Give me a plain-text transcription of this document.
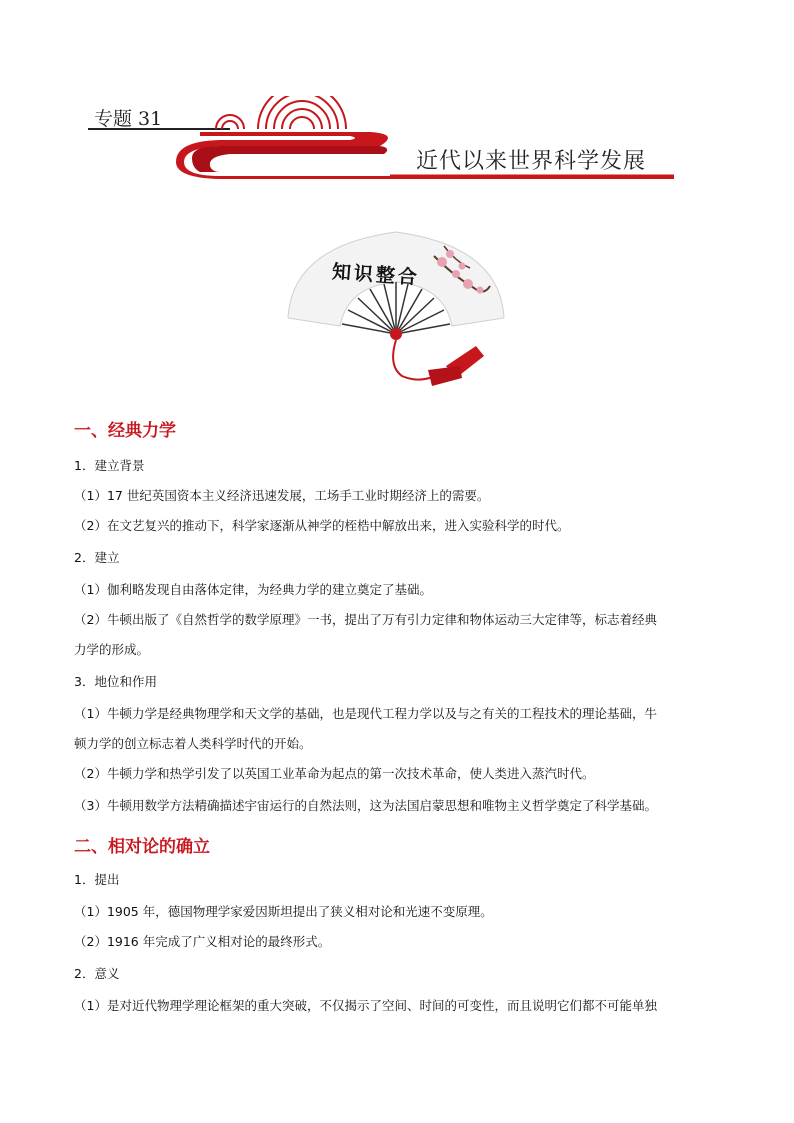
专题 31
近代以来世界科学发展
知识整合
一、经典力学
1．建立背景
（1）17 世纪英国资本主义经济迅速发展，工场手工业时期经济上的需要。
（2）在文艺复兴的推动下，科学家逐渐从神学的桎梏中解放出来，进入实验科学的时代。
2．建立
（1）伽利略发现自由落体定律，为经典力学的建立奠定了基础。
（2）牛顿出版了《自然哲学的数学原理》一书，提出了万有引力定律和物体运动三大定律等，标志着经典
力学的形成。
3．地位和作用
（1）牛顿力学是经典物理学和天文学的基础，也是现代工程力学以及与之有关的工程技术的理论基础，牛
顿力学的创立标志着人类科学时代的开始。
（2）牛顿力学和热学引发了以英国工业革命为起点的第一次技术革命，使人类进入蒸汽时代。
（3）牛顿用数学方法精确描述宇宙运行的自然法则，这为法国启蒙思想和唯物主义哲学奠定了科学基础。
二、相对论的确立
1．提出
（1）1905 年，德国物理学家爱因斯坦提出了狭义相对论和光速不变原理。
（2）1916 年完成了广义相对论的最终形式。
2．意义
（1）是对近代物理学理论框架的重大突破，不仅揭示了空间、时间的可变性，而且说明它们都不可能单独
